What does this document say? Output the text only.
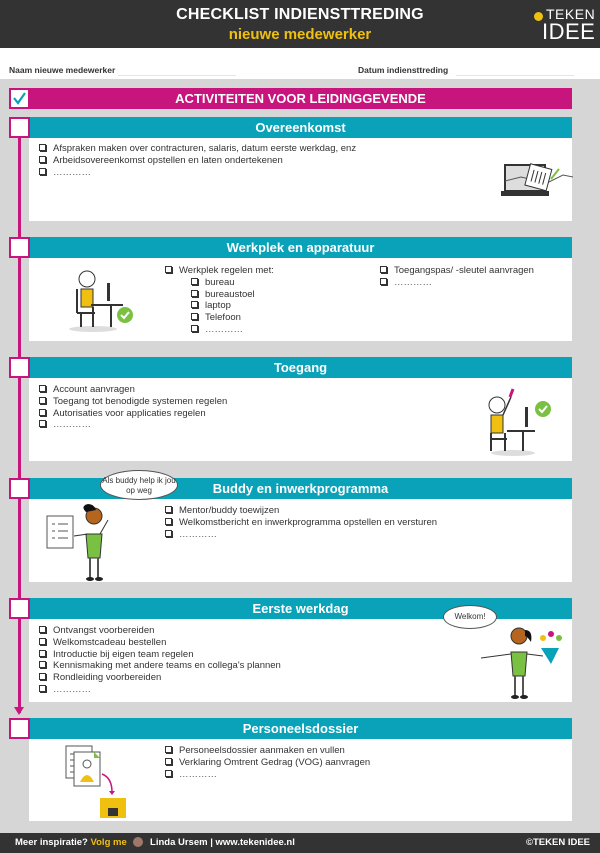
CHECKLIST INDIENSTTREDING
nieuwe medewerker
TEKEN
IDEE
Naam nieuwe medewerker	Datum indiensttreding
ACTIVITEITEN VOOR LEIDINGGEVENDE
Overeenkomst
Afspraken maken over contracturen, salaris, datum eerste werkdag, enz
Arbeidsovereenkomst opstellen en laten ondertekenen
…………
Werkplek en apparatuur
Werkplek regelen met:
bureau
bureaustoel
laptop
Telefoon
…………
Toegangspas/ -sleutel aanvragen
…………
Toegang
Account aanvragen
Toegang tot benodigde systemen regelen
Autorisaties voor applicaties regelen
…………
Buddy en inwerkprogramma
Mentor/buddy toewijzen
Welkomstbericht en inwerkprogramma opstellen en versturen
…………
Als buddy help ik jou op weg
Eerste werkdag
Ontvangst voorbereiden
Welkomstcadeau bestellen
Introductie bij eigen team regelen
Kennismaking met andere teams en collega's plannen
Rondleiding voorbereiden
…………
Welkom!
Personeelsdossier
Personeelsdossier aanmaken en vullen
Verklaring Omtrent Gedrag (VOG) aanvragen
…………
Meer inspiratie? Volg me Linda Ursem | www.tekenidee.nl	©TEKEN IDEE
